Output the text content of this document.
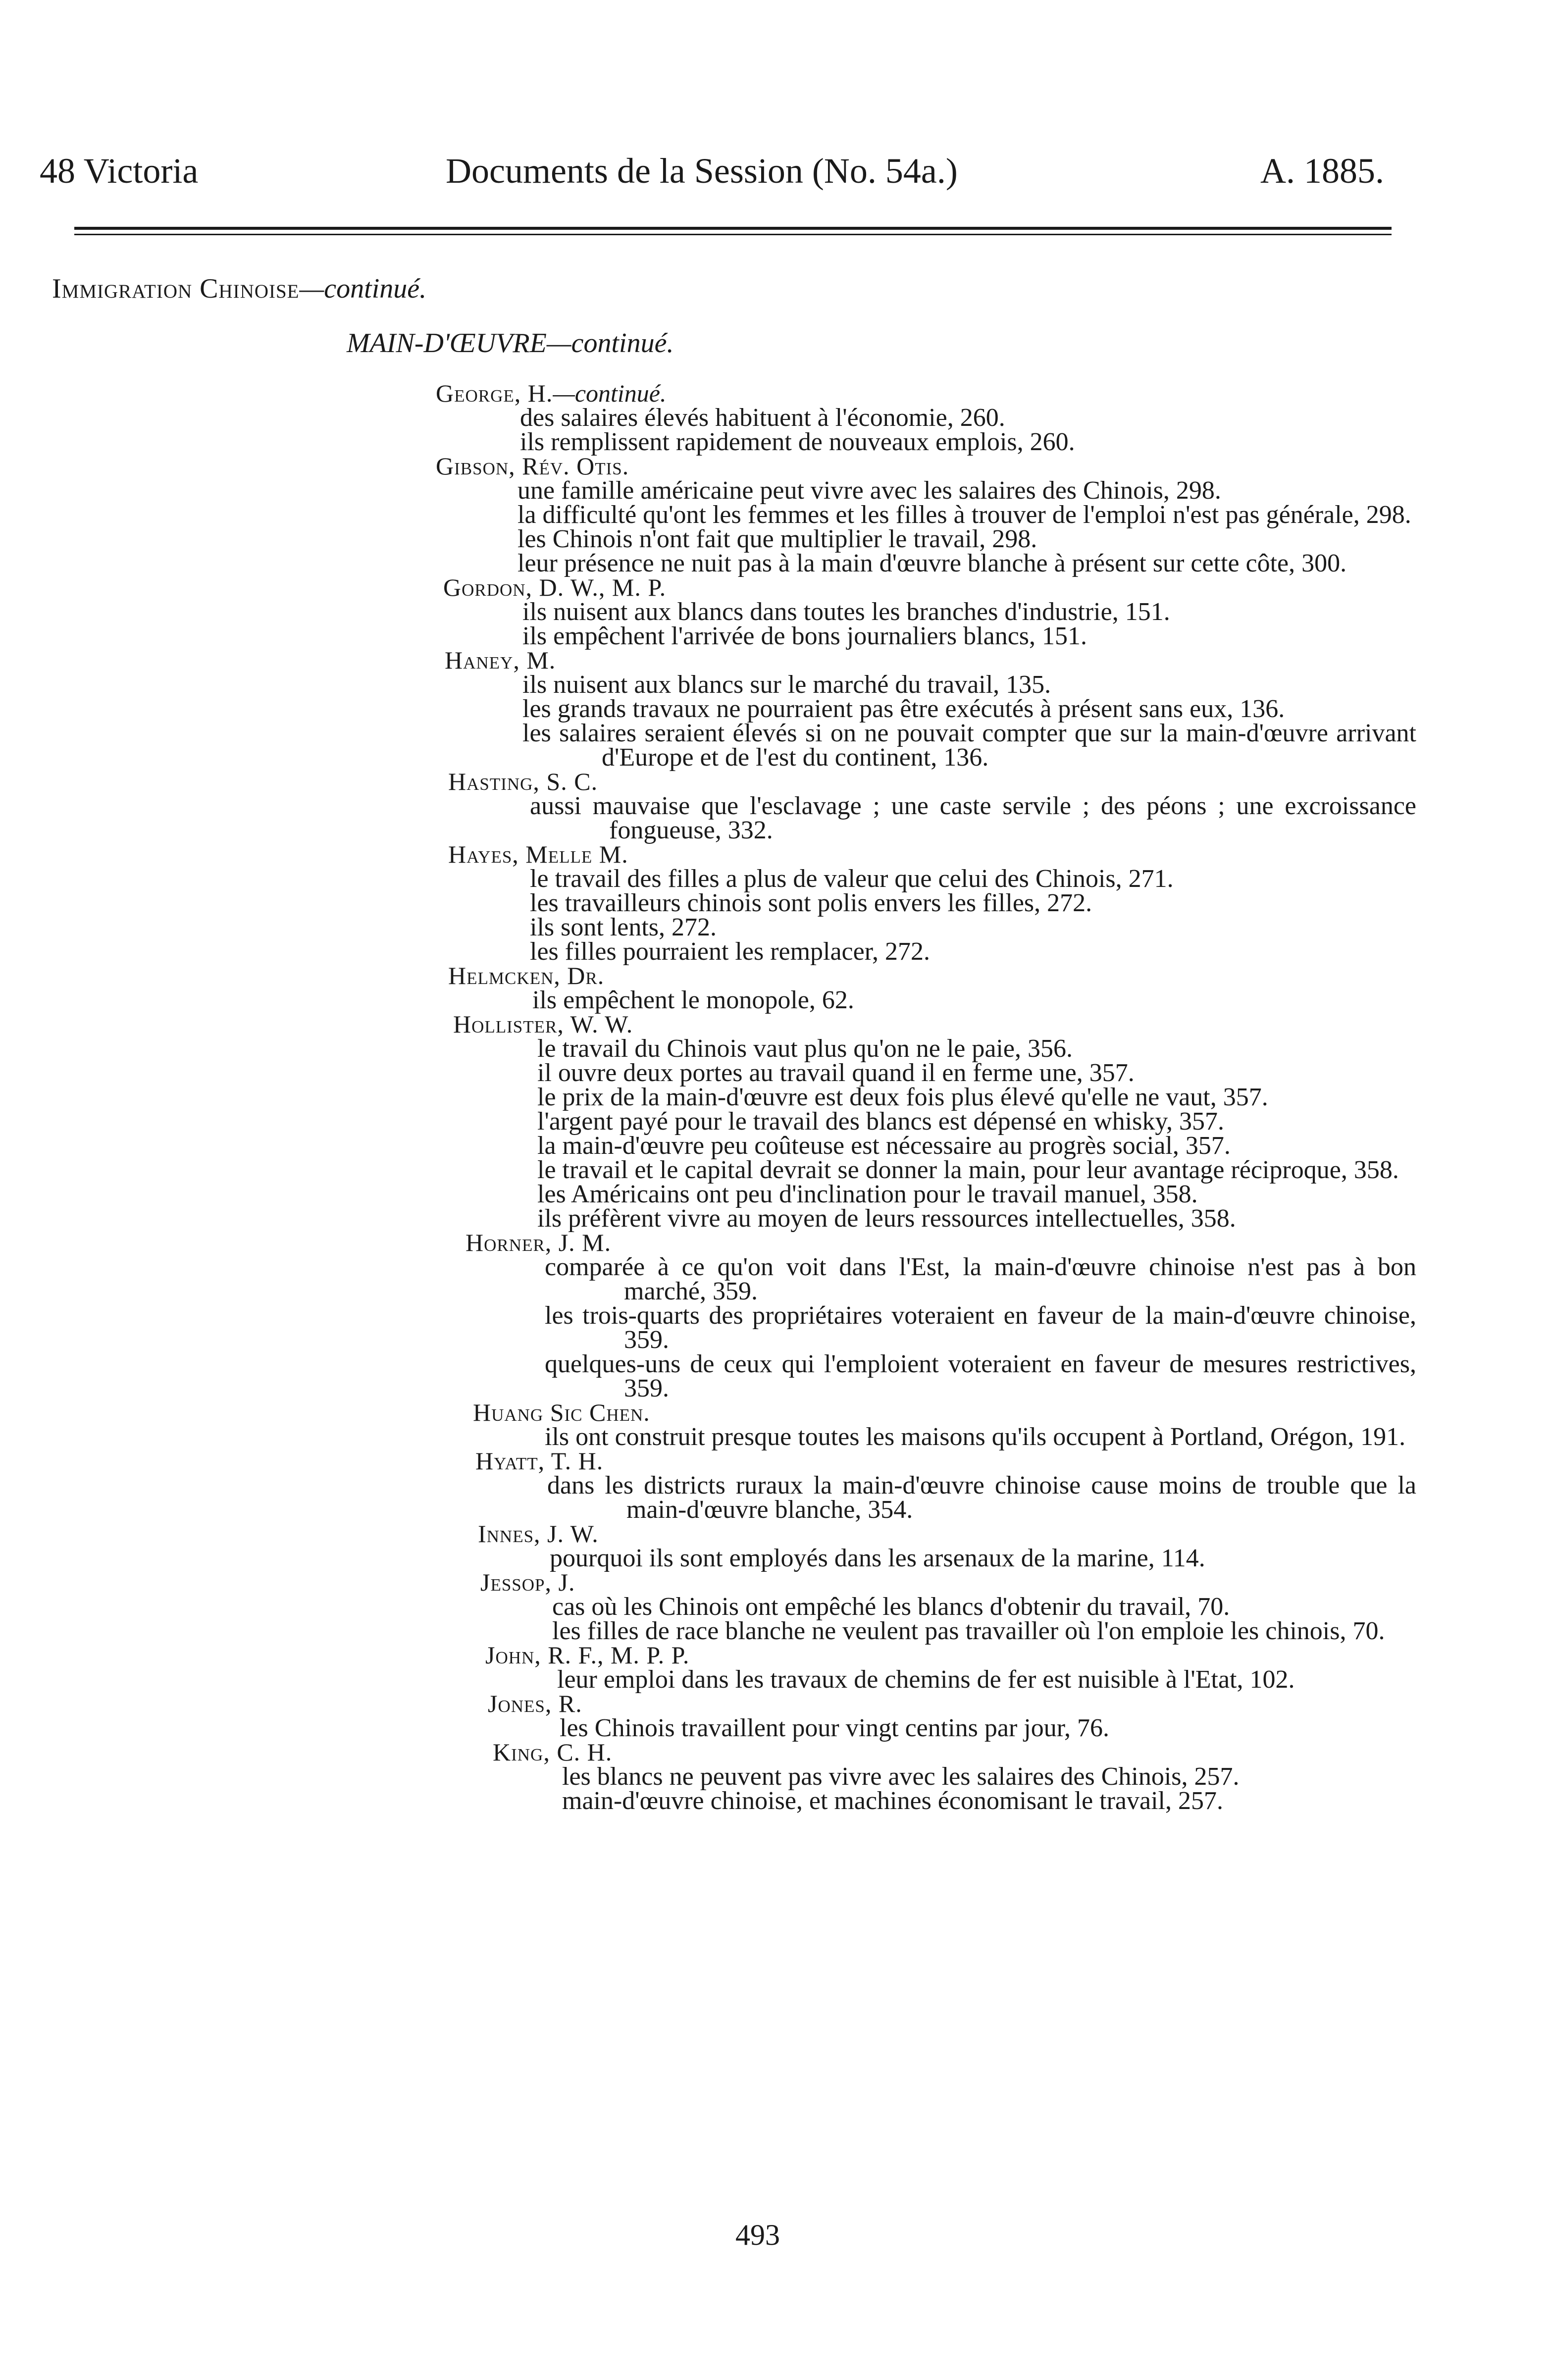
48 Victoria	Documents de la Session (No. 54a.)	A. 1885.
Immigration Chinoise—continué.
MAIN-D'ŒUVRE—continué.
George, H.—continué.
des salaires élevés habituent à l'économie, 260.
ils remplissent rapidement de nouveaux emplois, 260.
Gibson, Rév. Otis.
une famille américaine peut vivre avec les salaires des Chinois, 298.
la difficulté qu'ont les femmes et les filles à trouver de l'emploi n'est pas générale, 298.
les Chinois n'ont fait que multiplier le travail, 298.
leur présence ne nuit pas à la main d'œuvre blanche à présent sur cette côte, 300.
Gordon, D. W., M. P.
ils nuisent aux blancs dans toutes les branches d'industrie, 151.
ils empêchent l'arrivée de bons journaliers blancs, 151.
Haney, M.
ils nuisent aux blancs sur le marché du travail, 135.
les grands travaux ne pourraient pas être exécutés à présent sans eux, 136.
les salaires seraient élevés si on ne pouvait compter que sur la main-d'œuvre arrivant d'Europe et de l'est du continent, 136.
Hasting, S. C.
aussi mauvaise que l'esclavage ; une caste servile ; des péons ; une excroissance fongueuse, 332.
Hayes, Melle M.
le travail des filles a plus de valeur que celui des Chinois, 271.
les travailleurs chinois sont polis envers les filles, 272.
ils sont lents, 272.
les filles pourraient les remplacer, 272.
Helmcken, Dr.
ils empêchent le monopole, 62.
Hollister, W. W.
le travail du Chinois vaut plus qu'on ne le paie, 356.
il ouvre deux portes au travail quand il en ferme une, 357.
le prix de la main-d'œuvre est deux fois plus élevé qu'elle ne vaut, 357.
l'argent payé pour le travail des blancs est dépensé en whisky, 357.
la main-d'œuvre peu coûteuse est nécessaire au progrès social, 357.
le travail et le capital devrait se donner la main, pour leur avantage réciproque, 358.
les Américains ont peu d'inclination pour le travail manuel, 358.
ils préfèrent vivre au moyen de leurs ressources intellectuelles, 358.
Horner, J. M.
comparée à ce qu'on voit dans l'Est, la main-d'œuvre chinoise n'est pas à bon marché, 359.
les trois-quarts des propriétaires voteraient en faveur de la main-d'œuvre chinoise, 359.
quelques-uns de ceux qui l'emploient voteraient en faveur de mesures restrictives, 359.
Huang Sic Chen.
ils ont construit presque toutes les maisons qu'ils occupent à Portland, Orégon, 191.
Hyatt, T. H.
dans les districts ruraux la main-d'œuvre chinoise cause moins de trouble que la main-d'œuvre blanche, 354.
Innes, J. W.
pourquoi ils sont employés dans les arsenaux de la marine, 114.
Jessop, J.
cas où les Chinois ont empêché les blancs d'obtenir du travail, 70.
les filles de race blanche ne veulent pas travailler où l'on emploie les chinois, 70.
John, R. F., M. P. P.
leur emploi dans les travaux de chemins de fer est nuisible à l'Etat, 102.
Jones, R.
les Chinois travaillent pour vingt centins par jour, 76.
King, C. H.
les blancs ne peuvent pas vivre avec les salaires des Chinois, 257.
main-d'œuvre chinoise, et machines économisant le travail, 257.
493
